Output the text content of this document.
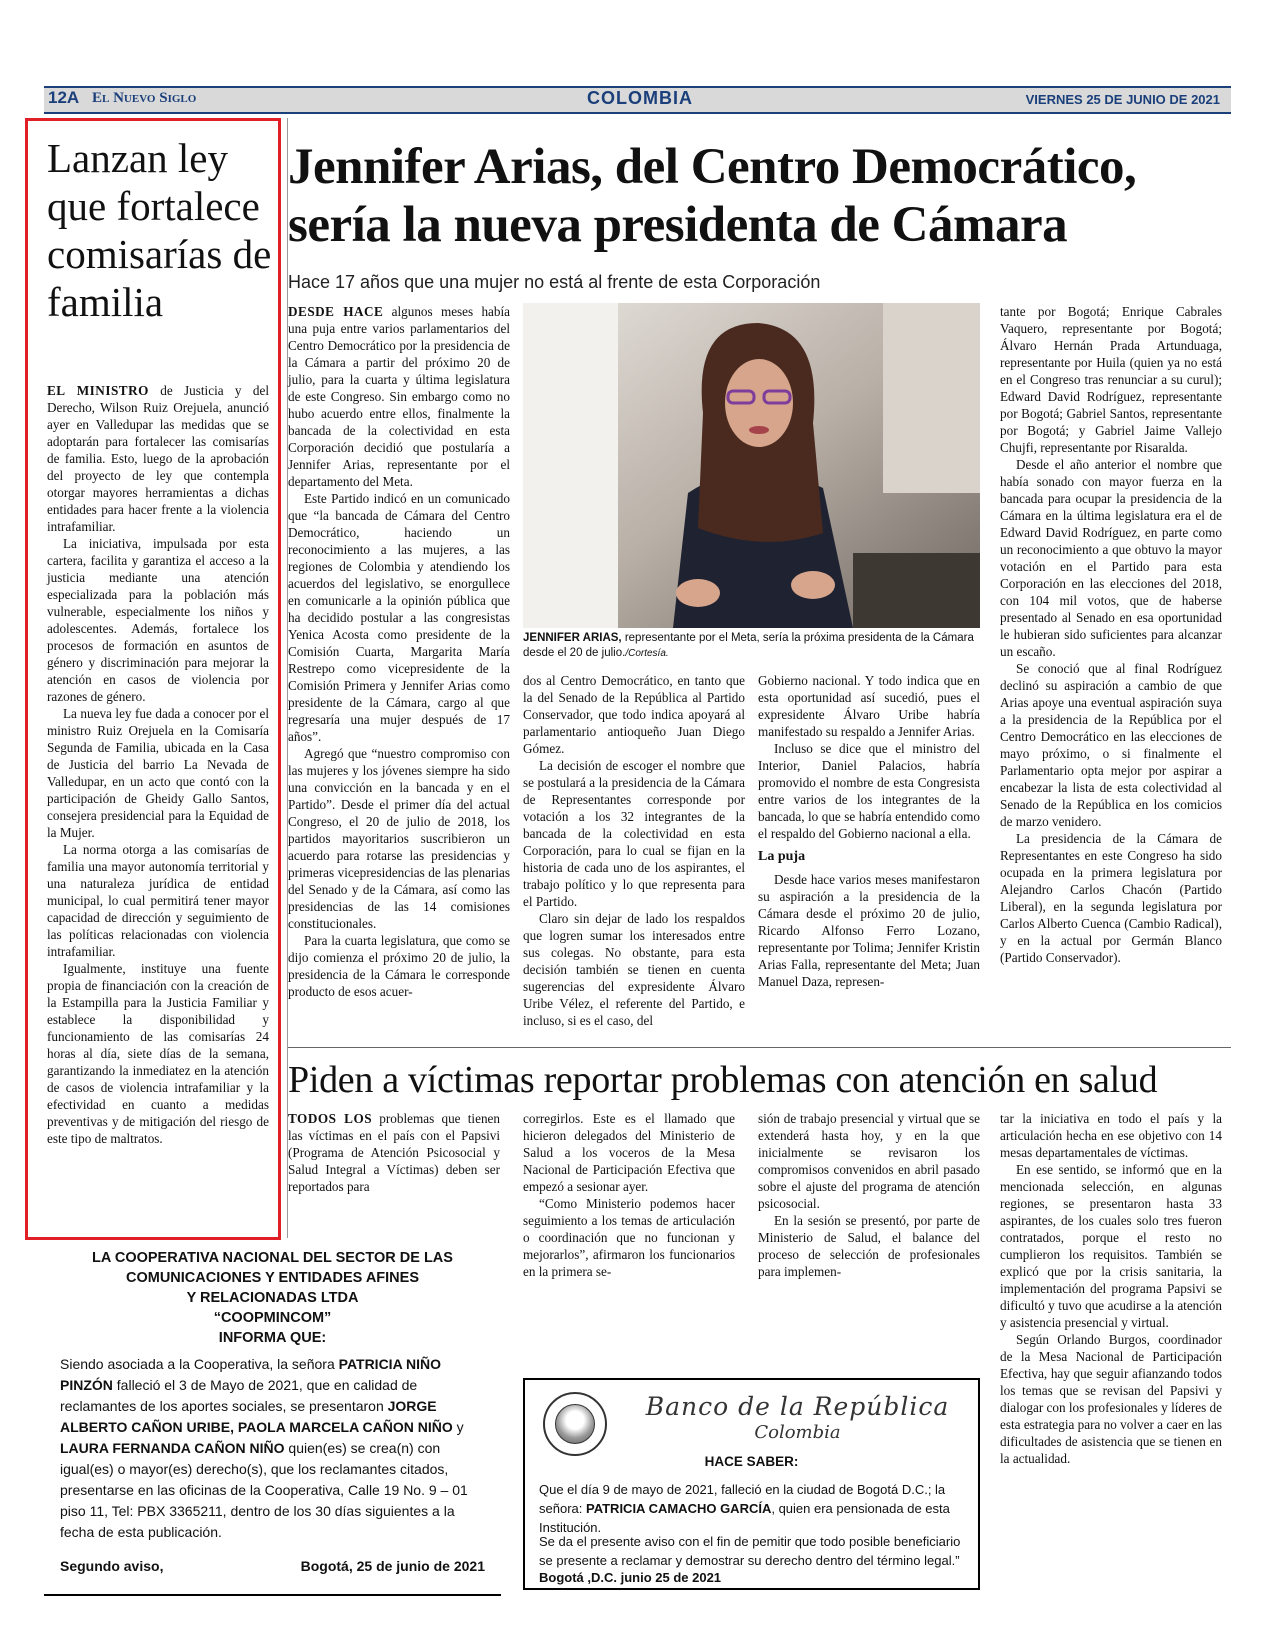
12A El Nuevo Siglo	COLOMBIA	VIERNES 25 DE JUNIO DE 2021
Lanzan ley que fortalece comisarías de familia

EL MINISTRO de Justicia y del Derecho, Wilson Ruiz Orejuela, anunció ayer en Valledupar las medidas que se adoptarán para fortalecer las comisarías de familia. Esto, luego de la aprobación del proyecto de ley que contempla otorgar mayores herramientas a dichas entidades para hacer frente a la violencia intrafamiliar.

La iniciativa, impulsada por esta cartera, facilita y garantiza el acceso a la justicia mediante una atención especializada para la población más vulnerable, especialmente los niños y adolescentes. Además, fortalece los procesos de formación en asuntos de género y discriminación para mejorar la atención en casos de violencia por razones de género.

La nueva ley fue dada a conocer por el ministro Ruiz Orejuela en la Comisaría Segunda de Familia, ubicada en la Casa de Justicia del barrio La Nevada de Valledupar, en un acto que contó con la participación de Gheidy Gallo Santos, consejera presidencial para la Equidad de la Mujer.

La norma otorga a las comisarías de familia una mayor autonomía territorial y una naturaleza jurídica de entidad municipal, lo cual permitirá tener mayor capacidad de dirección y seguimiento de las políticas relacionadas con violencia intrafamiliar.

Igualmente, instituye una fuente propia de financiación con la creación de la Estampilla para la Justicia Familiar y establece la disponibilidad y funcionamiento de las comisarías 24 horas al día, siete días de la semana, garantizando la inmediatez en la atención de casos de violencia intrafamiliar y la efectividad en cuanto a medidas preventivas y de mitigación del riesgo de este tipo de maltratos.

Jennifer Arias, del Centro Democrático, sería la nueva presidenta de Cámara
Hace 17 años que una mujer no está al frente de esta Corporación

DESDE HACE algunos meses había una puja entre varios parlamentarios del Centro Democrático por la presidencia de la Cámara a partir del próximo 20 de julio, para la cuarta y última legislatura de este Congreso. Sin embargo como no hubo acuerdo entre ellos, finalmente la bancada de la colectividad en esta Corporación decidió que postularía a Jennifer Arias, representante por el departamento del Meta.

Este Partido indicó en un comunicado que “la bancada de Cámara del Centro Democrático, haciendo un reconocimiento a las mujeres, a las regiones de Colombia y atendiendo los acuerdos del legislativo, se enorgullece en comunicarle a la opinión pública que ha decidido postular a las congresistas Yenica Acosta como presidente de la Comisión Cuarta, Margarita María Restrepo como vicepresidente de la Comisión Primera y Jennifer Arias como presidente de la Cámara, cargo al que regresaría una mujer después de 17 años”.

Agregó que “nuestro compromiso con las mujeres y los jóvenes siempre ha sido una convicción en la bancada y en el Partido”. Desde el primer día del actual Congreso, el 20 de julio de 2018, los partidos mayoritarios suscribieron un acuerdo para rotarse las presidencias y primeras vicepresidencias de las plenarias del Senado y de la Cámara, así como las presidencias de las 14 comisiones constitucionales.

Para la cuarta legislatura, que como se dijo comienza el próximo 20 de julio, la presidencia de la Cámara le corresponde producto de esos acuer-

JENNIFER ARIAS, representante por el Meta, sería la próxima presidenta de la Cámara desde el 20 de julio./Cortesía.

dos al Centro Democrático, en tanto que la del Senado de la República al Partido Conservador, que todo indica apoyará al parlamentario antioqueño Juan Diego Gómez.

La decisión de escoger el nombre que se postulará a la presidencia de la Cámara de Representantes corresponde por votación a los 32 integrantes de la bancada de la colectividad en esta Corporación, para lo cual se fijan en la historia de cada uno de los aspirantes, el trabajo político y lo que representa para el Partido.

Claro sin dejar de lado los respaldos que logren sumar los interesados entre sus colegas. No obstante, para esta decisión también se tienen en cuenta sugerencias del expresidente Álvaro Uribe Vélez, el referente del Partido, e incluso, si es el caso, del

Gobierno nacional. Y todo indica que en esta oportunidad así sucedió, pues el expresidente Álvaro Uribe habría manifestado su respaldo a Jennifer Arias.

Incluso se dice que el ministro del Interior, Daniel Palacios, habría promovido el nombre de esta Congresista entre varios de los integrantes de la bancada, lo que se habría entendido como el respaldo del Gobierno nacional a ella.

La puja

Desde hace varios meses manifestaron su aspiración a la presidencia de la Cámara desde el próximo 20 de julio, Ricardo Alfonso Ferro Lozano, representante por Tolima; Jennifer Kristin Arias Falla, representante del Meta; Juan Manuel Daza, represen-

tante por Bogotá; Enrique Cabrales Vaquero, representante por Bogotá; Álvaro Hernán Prada Artunduaga, representante por Huila (quien ya no está en el Congreso tras renunciar a su curul); Edward David Rodríguez, representante por Bogotá; Gabriel Santos, representante por Bogotá; y Gabriel Jaime Vallejo Chujfi, representante por Risaralda.

Desde el año anterior el nombre que había sonado con mayor fuerza en la bancada para ocupar la presidencia de la Cámara en la última legislatura era el de Edward David Rodríguez, en parte como un reconocimiento a que obtuvo la mayor votación en el Partido para esta Corporación en las elecciones del 2018, con 104 mil votos, que de haberse presentado al Senado en esa oportunidad le hubieran sido suficientes para alcanzar un escaño.

Se conoció que al final Rodríguez declinó su aspiración a cambio de que Arias apoye una eventual aspiración suya a la presidencia de la República por el Centro Democrático en las elecciones de mayo próximo, o si finalmente el Parlamentario opta mejor por aspirar a encabezar la lista de esta colectividad al Senado de la República en los comicios de marzo venidero.

La presidencia de la Cámara de Representantes en este Congreso ha sido ocupada en la primera legislatura por Alejandro Carlos Chacón (Partido Liberal), en la segunda legislatura por Carlos Alberto Cuenca (Cambio Radical), y en la actual por Germán Blanco (Partido Conservador).

Piden a víctimas reportar problemas con atención en salud

TODOS LOS problemas que tienen las víctimas en el país con el Papsivi (Programa de Atención Psicosocial y Salud Integral a Víctimas) deben ser reportados para

corregirlos. Este es el llamado que hicieron delegados del Ministerio de Salud a los voceros de la Mesa Nacional de Participación Efectiva que empezó a sesionar ayer.

“Como Ministerio podemos hacer seguimiento a los temas de articulación o coordinación que no funcionan y mejorarlos”, afirmaron los funcionarios en la primera se-

sión de trabajo presencial y virtual que se extenderá hasta hoy, y en la que inicialmente se revisaron los compromisos convenidos en abril pasado sobre el ajuste del programa de atención psicosocial.

En la sesión se presentó, por parte de Ministerio de Salud, el balance del proceso de selección de profesionales para implemen-

tar la iniciativa en todo el país y la articulación hecha en ese objetivo con 14 mesas departamentales de víctimas.

En ese sentido, se informó que en la mencionada selección, en algunas regiones, se presentaron hasta 33 aspirantes, de los cuales solo tres fueron contratados, porque el resto no cumplieron los requisitos. También se explicó que por la crisis sanitaria, la implementación del programa Papsivi se dificultó y tuvo que acudirse a la atención y asistencia presencial y virtual.

Según Orlando Burgos, coordinador de la Mesa Nacional de Participación Efectiva, hay que seguir afianzando todos los temas que se revisan del Papsivi y dialogar con los profesionales y líderes de esta estrategia para no volver a caer en las dificultades de asistencia que se tienen en la actualidad.

LA COOPERATIVA NACIONAL DEL SECTOR DE LAS
COMUNICACIONES Y ENTIDADES AFINES
Y RELACIONADAS LTDA
“COOPMINCOM”
INFORMA QUE:
Siendo asociada a la Cooperativa, la señora PATRICIA NIÑO PINZÓN falleció el 3 de Mayo de 2021, que en calidad de reclamantes de los aportes sociales, se presentaron JORGE ALBERTO CAÑON URIBE, PAOLA MARCELA CAÑON NIÑO y LAURA FERNANDA CAÑON NIÑO quien(es) se crea(n) con igual(es) o mayor(es) derecho(s), que los reclamantes citados, presentarse en las oficinas de la Cooperativa, Calle 19 No. 9 – 01 piso 11, Tel: PBX 3365211, dentro de los 30 días siguientes a la fecha de esta publicación.
Segundo aviso,	Bogotá, 25 de junio de 2021
Banco de la República
Colombia
HACE SABER:
Que el día 9 de mayo de 2021, falleció en la ciudad de Bogotá D.C.; la señora: PATRICIA CAMACHO GARCÍA, quien era pensionada de esta Institución.
Se da el presente aviso con el fin de pemitir que todo posible beneficiario se presente a reclamar y demostrar su derecho dentro del término legal.”
Bogotá ,D.C. junio 25 de 2021
